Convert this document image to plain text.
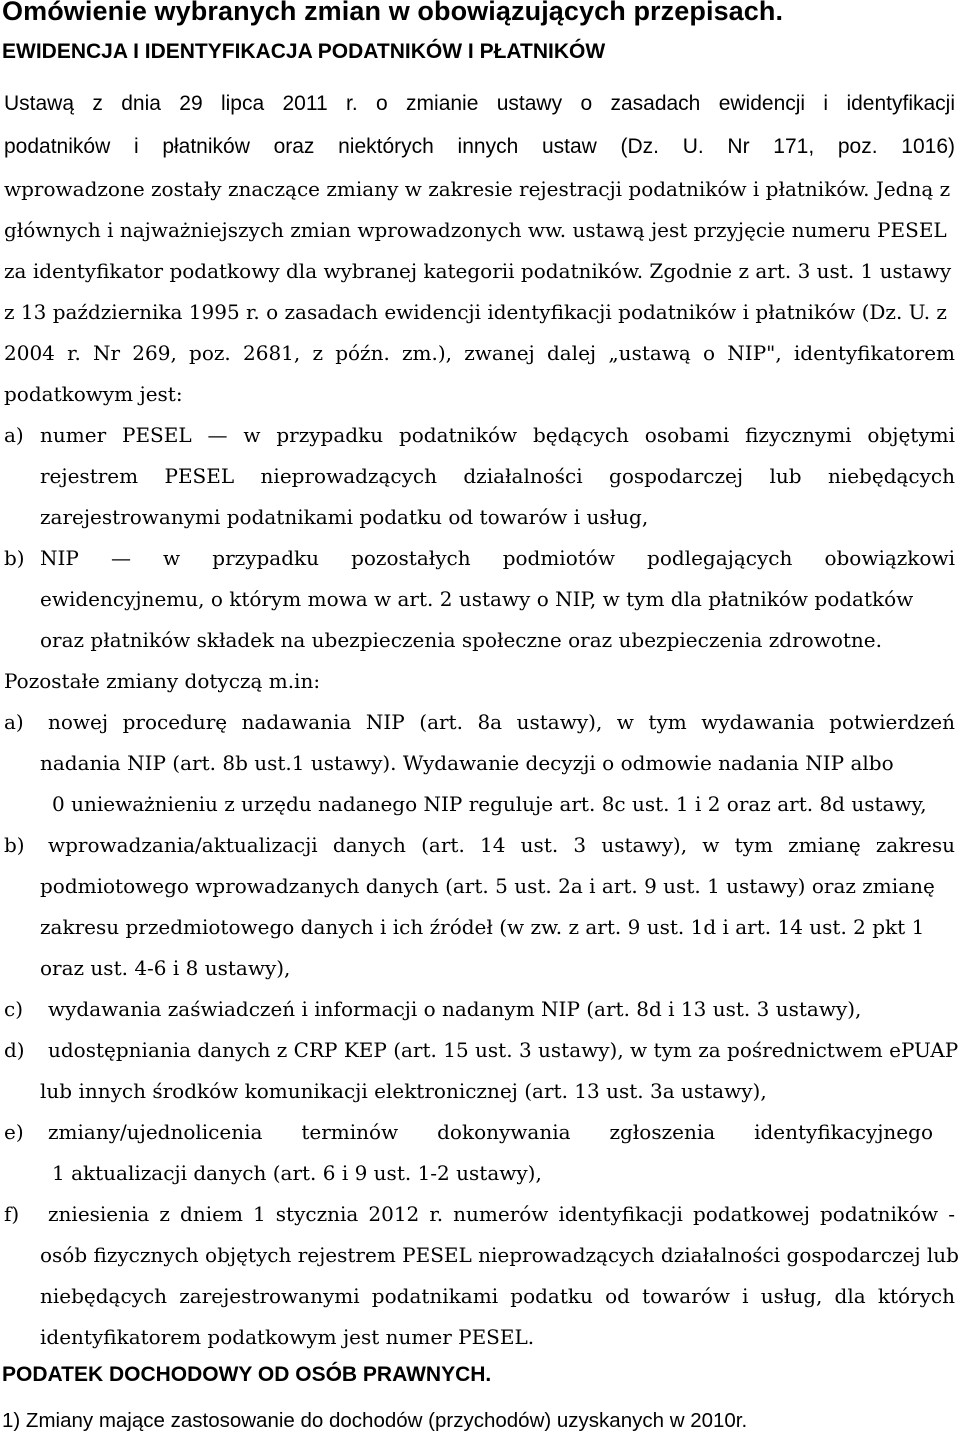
Omówienie wybranych zmian w obowiązujących przepisach.
EWIDENCJA I IDENTYFIKACJA PODATNIKÓW I PŁATNIKÓW
Ustawą z dnia 29 lipca 2011 r. o zmianie ustawy o zasadach ewidencji i identyfikacji
podatników i płatników oraz niektórych innych ustaw (Dz. U. Nr 171, poz. 1016)
wprowadzone zostały znaczące zmiany w zakresie rejestracji podatników i płatników. Jedną z
głównych i najważniejszych zmian wprowadzonych ww. ustawą jest przyjęcie numeru PESEL
za identyfikator podatkowy dla wybranej kategorii podatników. Zgodnie z art. 3 ust. 1 ustawy
z 13 października 1995 r. o zasadach ewidencji identyfikacji podatników i płatników (Dz. U. z
2004 r. Nr 269, poz. 2681, z późn. zm.), zwanej dalej „ustawą o NIP", identyfikatorem
podatkowym jest:
a) numer PESEL — w przypadku podatników będących osobami fizycznymi objętymi
rejestrem PESEL nieprowadzących działalności gospodarczej lub niebędących
zarejestrowanymi podatnikami podatku od towarów i usług,
b) NIP — w przypadku pozostałych podmiotów podlegających obowiązkowi
ewidencyjnemu, o którym mowa w art. 2 ustawy o NIP, w tym dla płatników podatków
oraz płatników składek na ubezpieczenia społeczne oraz ubezpieczenia zdrowotne.
Pozostałe zmiany dotyczą m.in:
a) nowej procedurę nadawania NIP (art. 8a ustawy), w tym wydawania potwierdzeń
nadania NIP (art. 8b ust.1 ustawy). Wydawanie decyzji o odmowie nadania NIP albo
0 unieważnieniu z urzędu nadanego NIP reguluje art. 8c ust. 1 i 2 oraz art. 8d ustawy,
b) wprowadzania/aktualizacji danych (art. 14 ust. 3 ustawy), w tym zmianę zakresu
podmiotowego wprowadzanych danych (art. 5 ust. 2a i art. 9 ust. 1 ustawy) oraz zmianę
zakresu przedmiotowego danych i ich źródeł (w zw. z art. 9 ust. 1d i art. 14 ust. 2 pkt 1
oraz ust. 4-6 i 8 ustawy),
c) wydawania zaświadczeń i informacji o nadanym NIP (art. 8d i 13 ust. 3 ustawy),
d) udostępniania danych z CRP KEP (art. 15 ust. 3 ustawy), w tym za pośrednictwem ePUAP
lub innych środków komunikacji elektronicznej (art. 13 ust. 3a ustawy),
e) zmiany/ujednolicenia terminów dokonywania zgłoszenia identyfikacyjnego
1 aktualizacji danych (art. 6 i 9 ust. 1-2 ustawy),
f) zniesienia z dniem 1 stycznia 2012 r. numerów identyfikacji podatkowej podatników -
osób fizycznych objętych rejestrem PESEL nieprowadzących działalności gospodarczej lub
niebędących zarejestrowanymi podatnikami podatku od towarów i usług, dla których
identyfikatorem podatkowym jest numer PESEL.
PODATEK DOCHODOWY OD OSÓB PRAWNYCH.
1) Zmiany mające zastosowanie do dochodów (przychodów) uzyskanych w 2010r.
